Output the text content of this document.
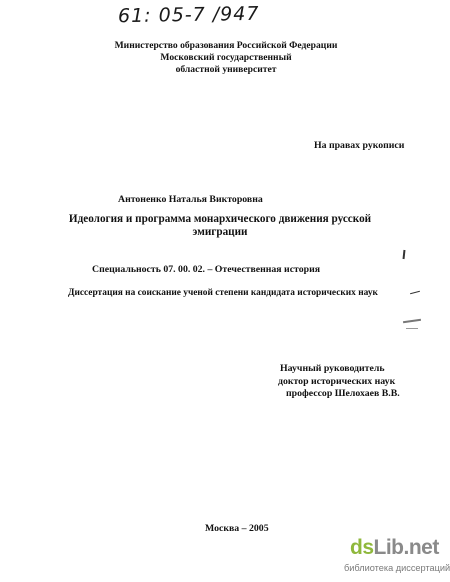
61: 05-7 /947
Министерство образования Российской Федерации
Московский государственный
областной университет
На правах рукописи
Антоненко Наталья Викторовна
Идеология и программа монархического движения русской
эмиграции
Специальность 07. 00. 02. – Отечественная история
Диссертация на соискание ученой степени кандидата исторических наук
Научный руководитель
доктор исторических наук
профессор Шелохаев В.В.
Москва – 2005
dsLib.net
библиотека диссертаций
